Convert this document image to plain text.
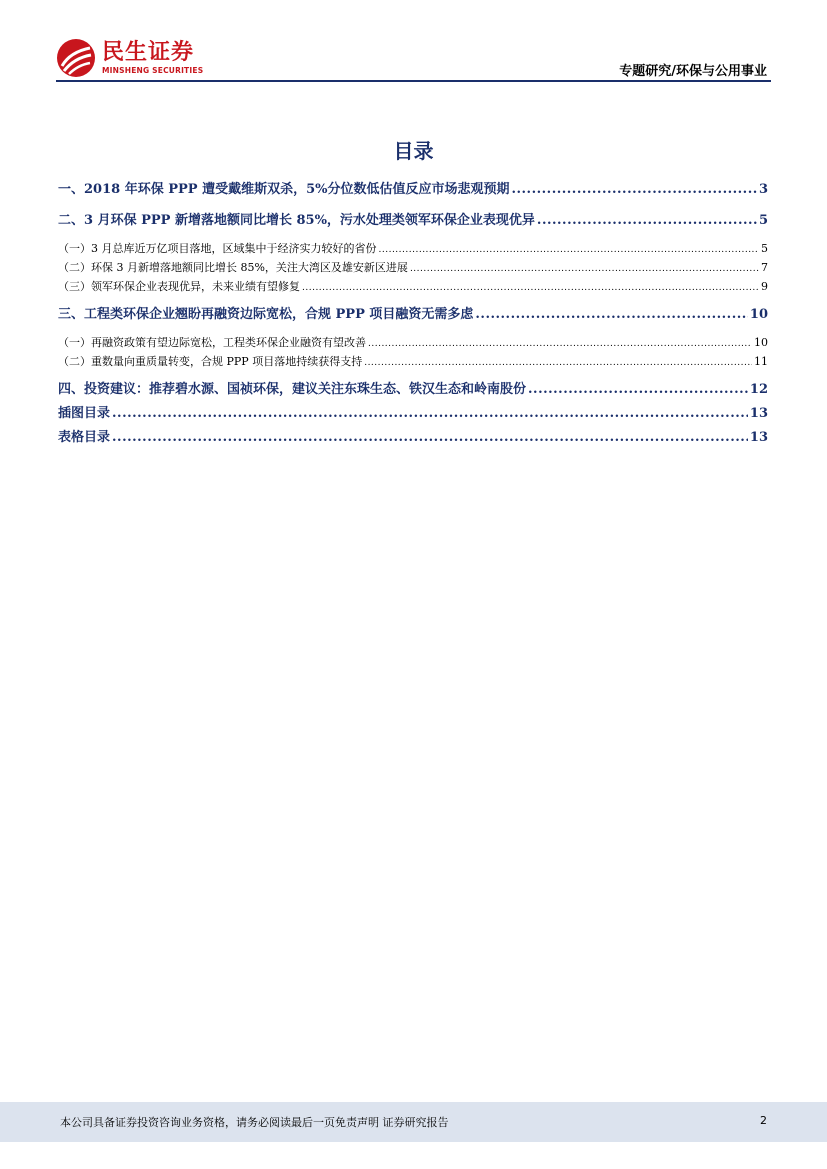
民生证券
MINSHENG SECURITIES	专题研究/环保与公用事业
目录
一、2018 年环保 PPP 遭受戴维斯双杀，5%分位数低估值反应市场悲观预期 .....	3
二、3 月环保 PPP 新增落地额同比增长 85%，污水处理类领军环保企业表现优异 .....	5
（一）3 月总库近万亿项目落地，区域集中于经济实力较好的省份 .....	5
（二）环保 3 月新增落地额同比增长 85%，关注大湾区及雄安新区进展 .....	7
（三）领军环保企业表现优异，未来业绩有望修复 .....	9
三、工程类环保企业翘盼再融资边际宽松，合规 PPP 项目融资无需多虑 .....	10
（一）再融资政策有望边际宽松，工程类环保企业融资有望改善 .....	10
（二）重数量向重质量转变，合规 PPP 项目落地持续获得支持 .....	11
四、投资建议：推荐碧水源、国祯环保，建议关注东珠生态、铁汉生态和岭南股份 .....	12
插图目录 .....	13
表格目录 .....	13
本公司具备证券投资咨询业务资格，请务必阅读最后一页免责声明 证券研究报告	2
